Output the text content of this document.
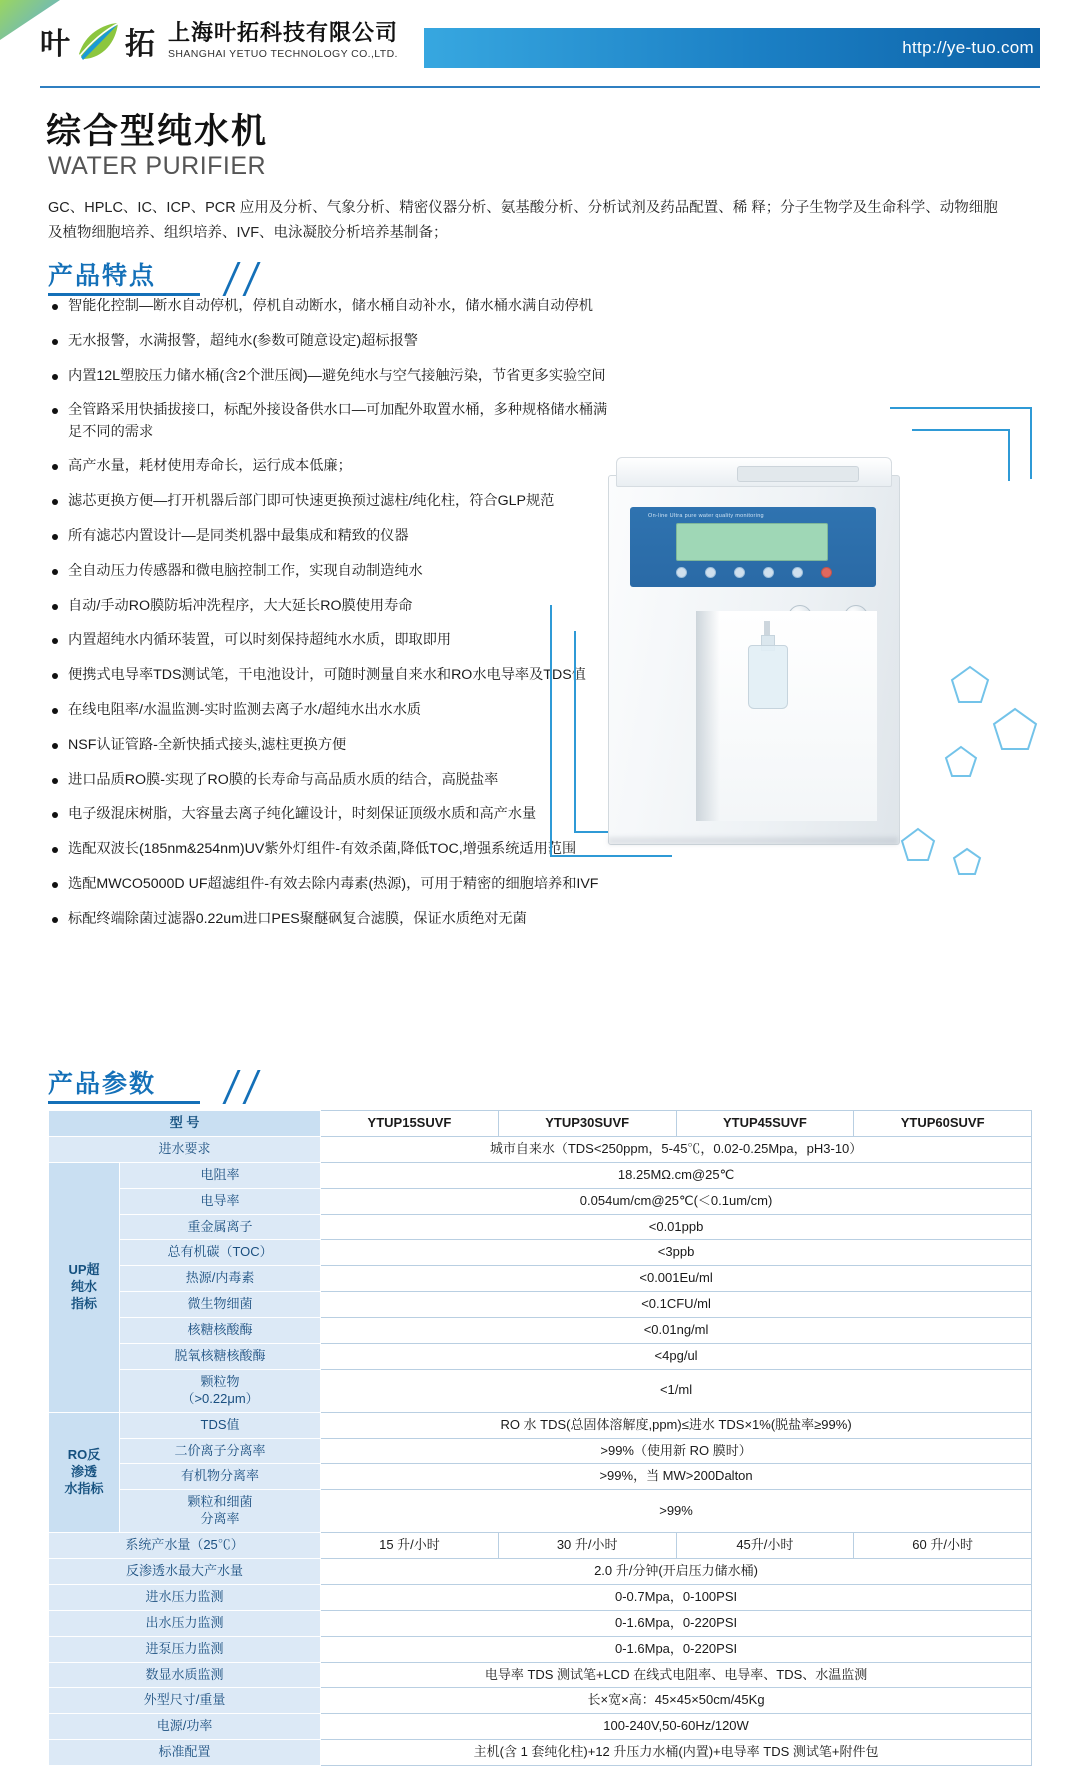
叶 拓 上海叶拓科技有限公司
SHANGHAI YETUO TECHNOLOGY CO.,LTD.	http://ye-tuo.com
综合型纯水机
WATER PURIFIER
GC、HPLC、IC、ICP、PCR 应用及分析、气象分析、精密仪器分析、氨基酸分析、分析试剂及药品配置、稀 释；分子生物学及生命科学、动物细胞及植物细胞培养、组织培养、IVF、电泳凝胶分析培养基制备；
产品特点
智能化控制—断水自动停机，停机自动断水，储水桶自动补水，储水桶水满自动停机
无水报警，水满报警，超纯水(参数可随意设定)超标报警
内置12L塑胶压力储水桶(含2个泄压阀)—避免纯水与空气接触污染，节省更多实验空间
全管路采用快插拔接口，标配外接设备供水口—可加配外取置水桶，多种规格储水桶满足不同的需求
高产水量，耗材使用寿命长，运行成本低廉；
滤芯更换方便—打开机器后部门即可快速更换预过滤柱/纯化柱，符合GLP规范
所有滤芯内置设计—是同类机器中最集成和精致的仪器
全自动压力传感器和微电脑控制工作，实现自动制造纯水
自动/手动RO膜防垢冲洗程序，大大延长RO膜使用寿命
内置超纯水内循环装置，可以时刻保持超纯水水质，即取即用
便携式电导率TDS测试笔，干电池设计，可随时测量自来水和RO水电导率及TDS值
在线电阻率/水温监测-实时监测去离子水/超纯水出水水质
NSF认证管路-全新快插式接头,滤柱更换方便
进口品质RO膜-实现了RO膜的长寿命与高品质水质的结合，高脱盐率
电子级混床树脂，大容量去离子纯化罐设计，时刻保证顶级水质和高产水量
选配双波长(185nm&254nm)UV紫外灯组件-有效杀菌,降低TOC,增强系统适用范围
选配MWCO5000D UF超滤组件-有效去除内毒素(热源)，可用于精密的细胞培养和IVF
标配终端除菌过滤器0.22um进口PES聚醚砜复合滤膜，保证水质绝对无菌
On-line Ultra pure water quality monitoring
产品参数
型 号		YTUP15SUVF	YTUP30SUVF	YTUP45SUVF	YTUP60SUVF
进水要求		城市自来水（TDS<250ppm，5-45℃，0.02-0.25Mpa，pH3-10）			
UP超
纯水
指标	电阻率	18.25MΩ.cm@25℃			
	电导率	0.054um/cm@25℃(＜0.1um/cm)			
	重金属离子	<0.01ppb			
	总有机碳（TOC）	<3ppb			
	热源/内毒素	<0.001Eu/ml			
	微生物细菌	<0.1CFU/ml			
	核糖核酸酶	<0.01ng/ml			
	脱氧核糖核酸酶	<4pg/ul			
	颗粒物
（>0.22μm）	<1/ml			
RO反
渗透
水指标	TDS值	RO 水 TDS(总固体溶解度,ppm)≤进水 TDS×1%(脱盐率≥99%)			
	二价离子分离率	>99%（使用新 RO 膜时）			
	有机物分离率	>99%，当 MW>200Dalton			
	颗粒和细菌
分离率	>99%			
系统产水量（25℃）		15 升/小时	30 升/小时	45升/小时	60 升/小时
反渗透水最大产水量		2.0 升/分钟(开启压力储水桶)			
进水压力监测		0-0.7Mpa，0-100PSI			
出水压力监测		0-1.6Mpa，0-220PSI			
进泵压力监测		0-1.6Mpa，0-220PSI			
数显水质监测		电导率 TDS 测试笔+LCD 在线式电阻率、电导率、TDS、水温监测			
外型尺寸/重量		长×宽×高：45×45×50cm/45Kg			
电源/功率		100-240V,50-60Hz/120W			
标准配置		主机(含 1 套纯化柱)+12 升压力水桶(内置)+电导率 TDS 测试笔+附件包			
